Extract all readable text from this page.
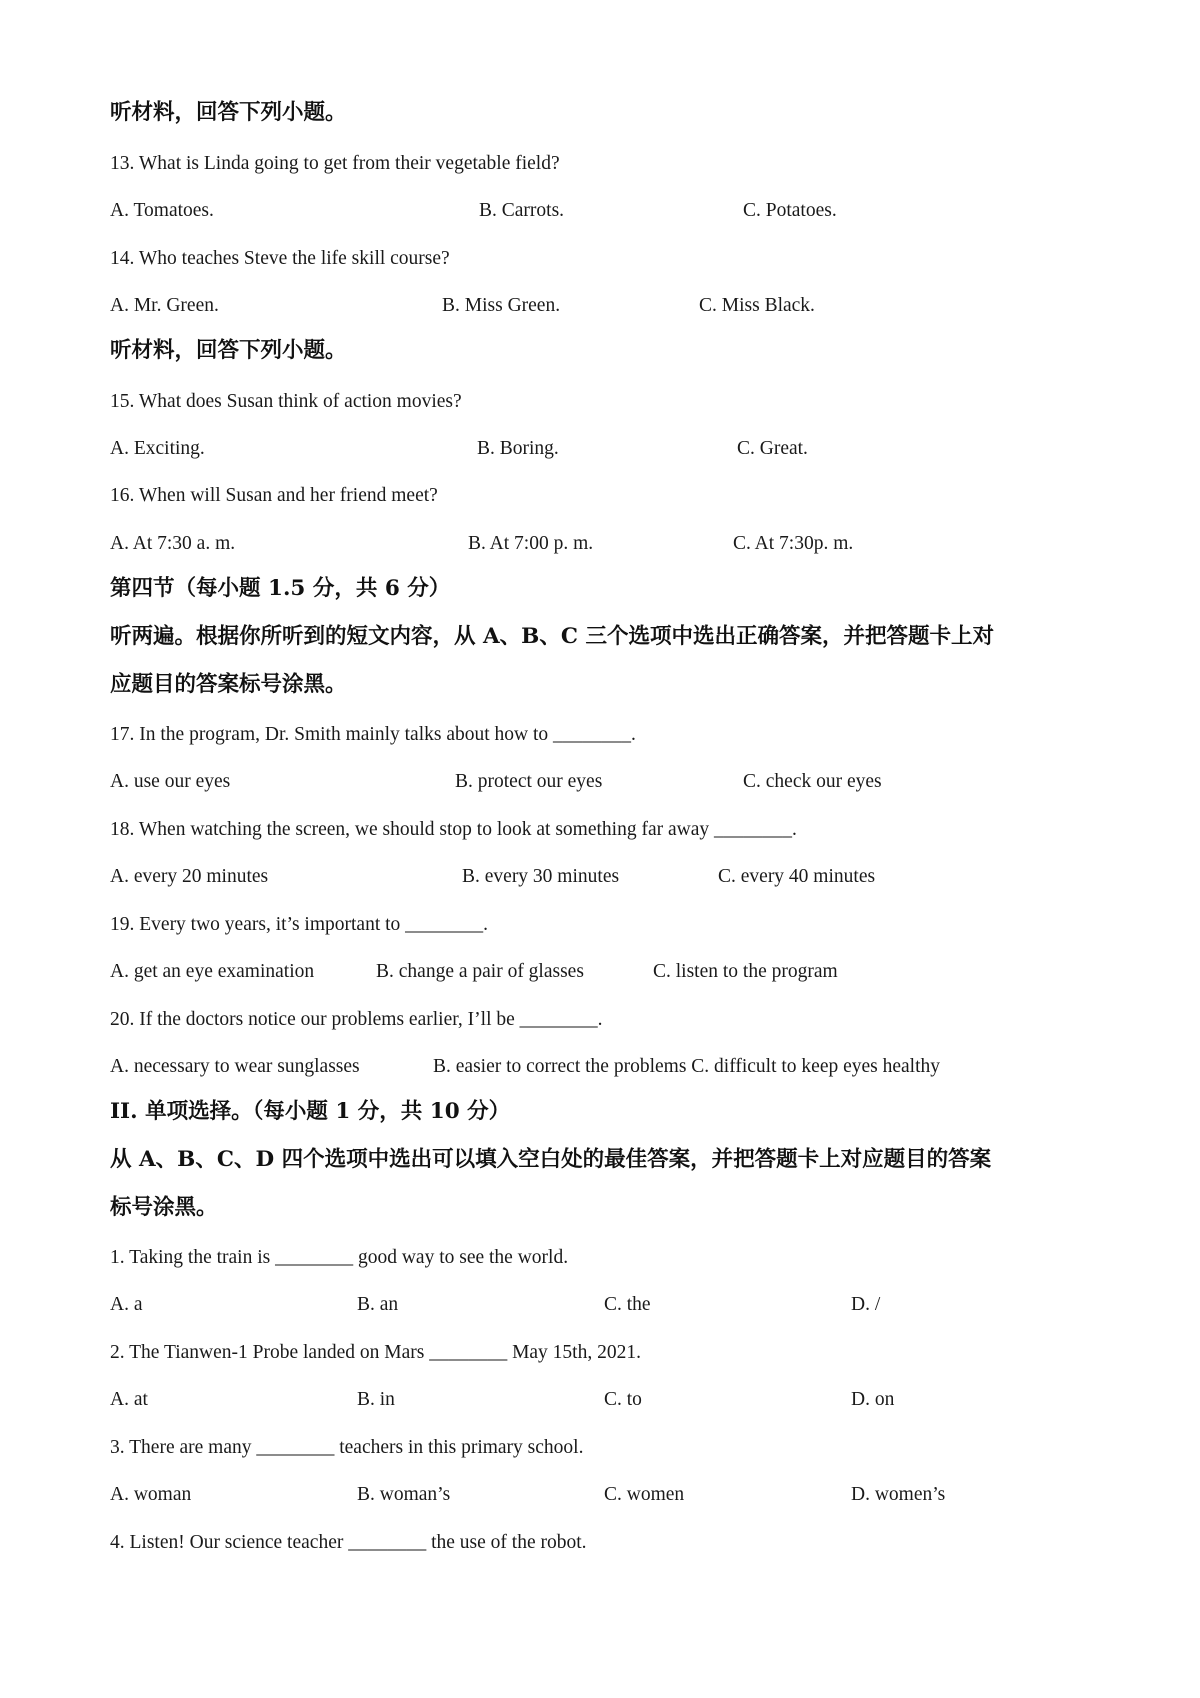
听材料，回答下列小题。
13. What is Linda going to get from their vegetable field?
A. Tomatoes.	B. Carrots.	C. Potatoes.
14. Who teaches Steve the life skill course?
A. Mr. Green.	B. Miss Green.	C. Miss Black.
听材料，回答下列小题。
15. What does Susan think of action movies?
A. Exciting.	B. Boring.	C. Great.
16. When will Susan and her friend meet?
A. At 7:30 a. m.	B. At 7:00 p. m.	C. At 7:30p. m.
第四节（每小题 1.5 分，共 6 分）
听两遍。根据你所听到的短文内容，从 A、B、C 三个选项中选出正确答案，并把答题卡上对
应题目的答案标号涂黑。
17. In the program, Dr. Smith mainly talks about how to ________.
A. use our eyes	B. protect our eyes	C. check our eyes
18. When watching the screen, we should stop to look at something far away ________.
A. every 20 minutes	B. every 30 minutes	C. every 40 minutes
19. Every two years, it’s important to ________.
A. get an eye examination	B. change a pair of glasses	C. listen to the program
20. If the doctors notice our problems earlier, I’ll be ________.
A. necessary to wear sunglasses	B. easier to correct the problems C. difficult to keep eyes healthy
II. 单项选择。（每小题 1 分，共 10 分）
从 A、B、C、D 四个选项中选出可以填入空白处的最佳答案，并把答题卡上对应题目的答案
标号涂黑。
1. Taking the train is ________ good way to see the world.
A. a	B. an	C. the	D. /
2. The Tianwen-1 Probe landed on Mars ________ May 15th, 2021.
A. at	B. in	C. to	D. on
3. There are many ________ teachers in this primary school.
A. woman	B. woman’s	C. women	D. women’s
4. Listen! Our science teacher ________ the use of the robot.
